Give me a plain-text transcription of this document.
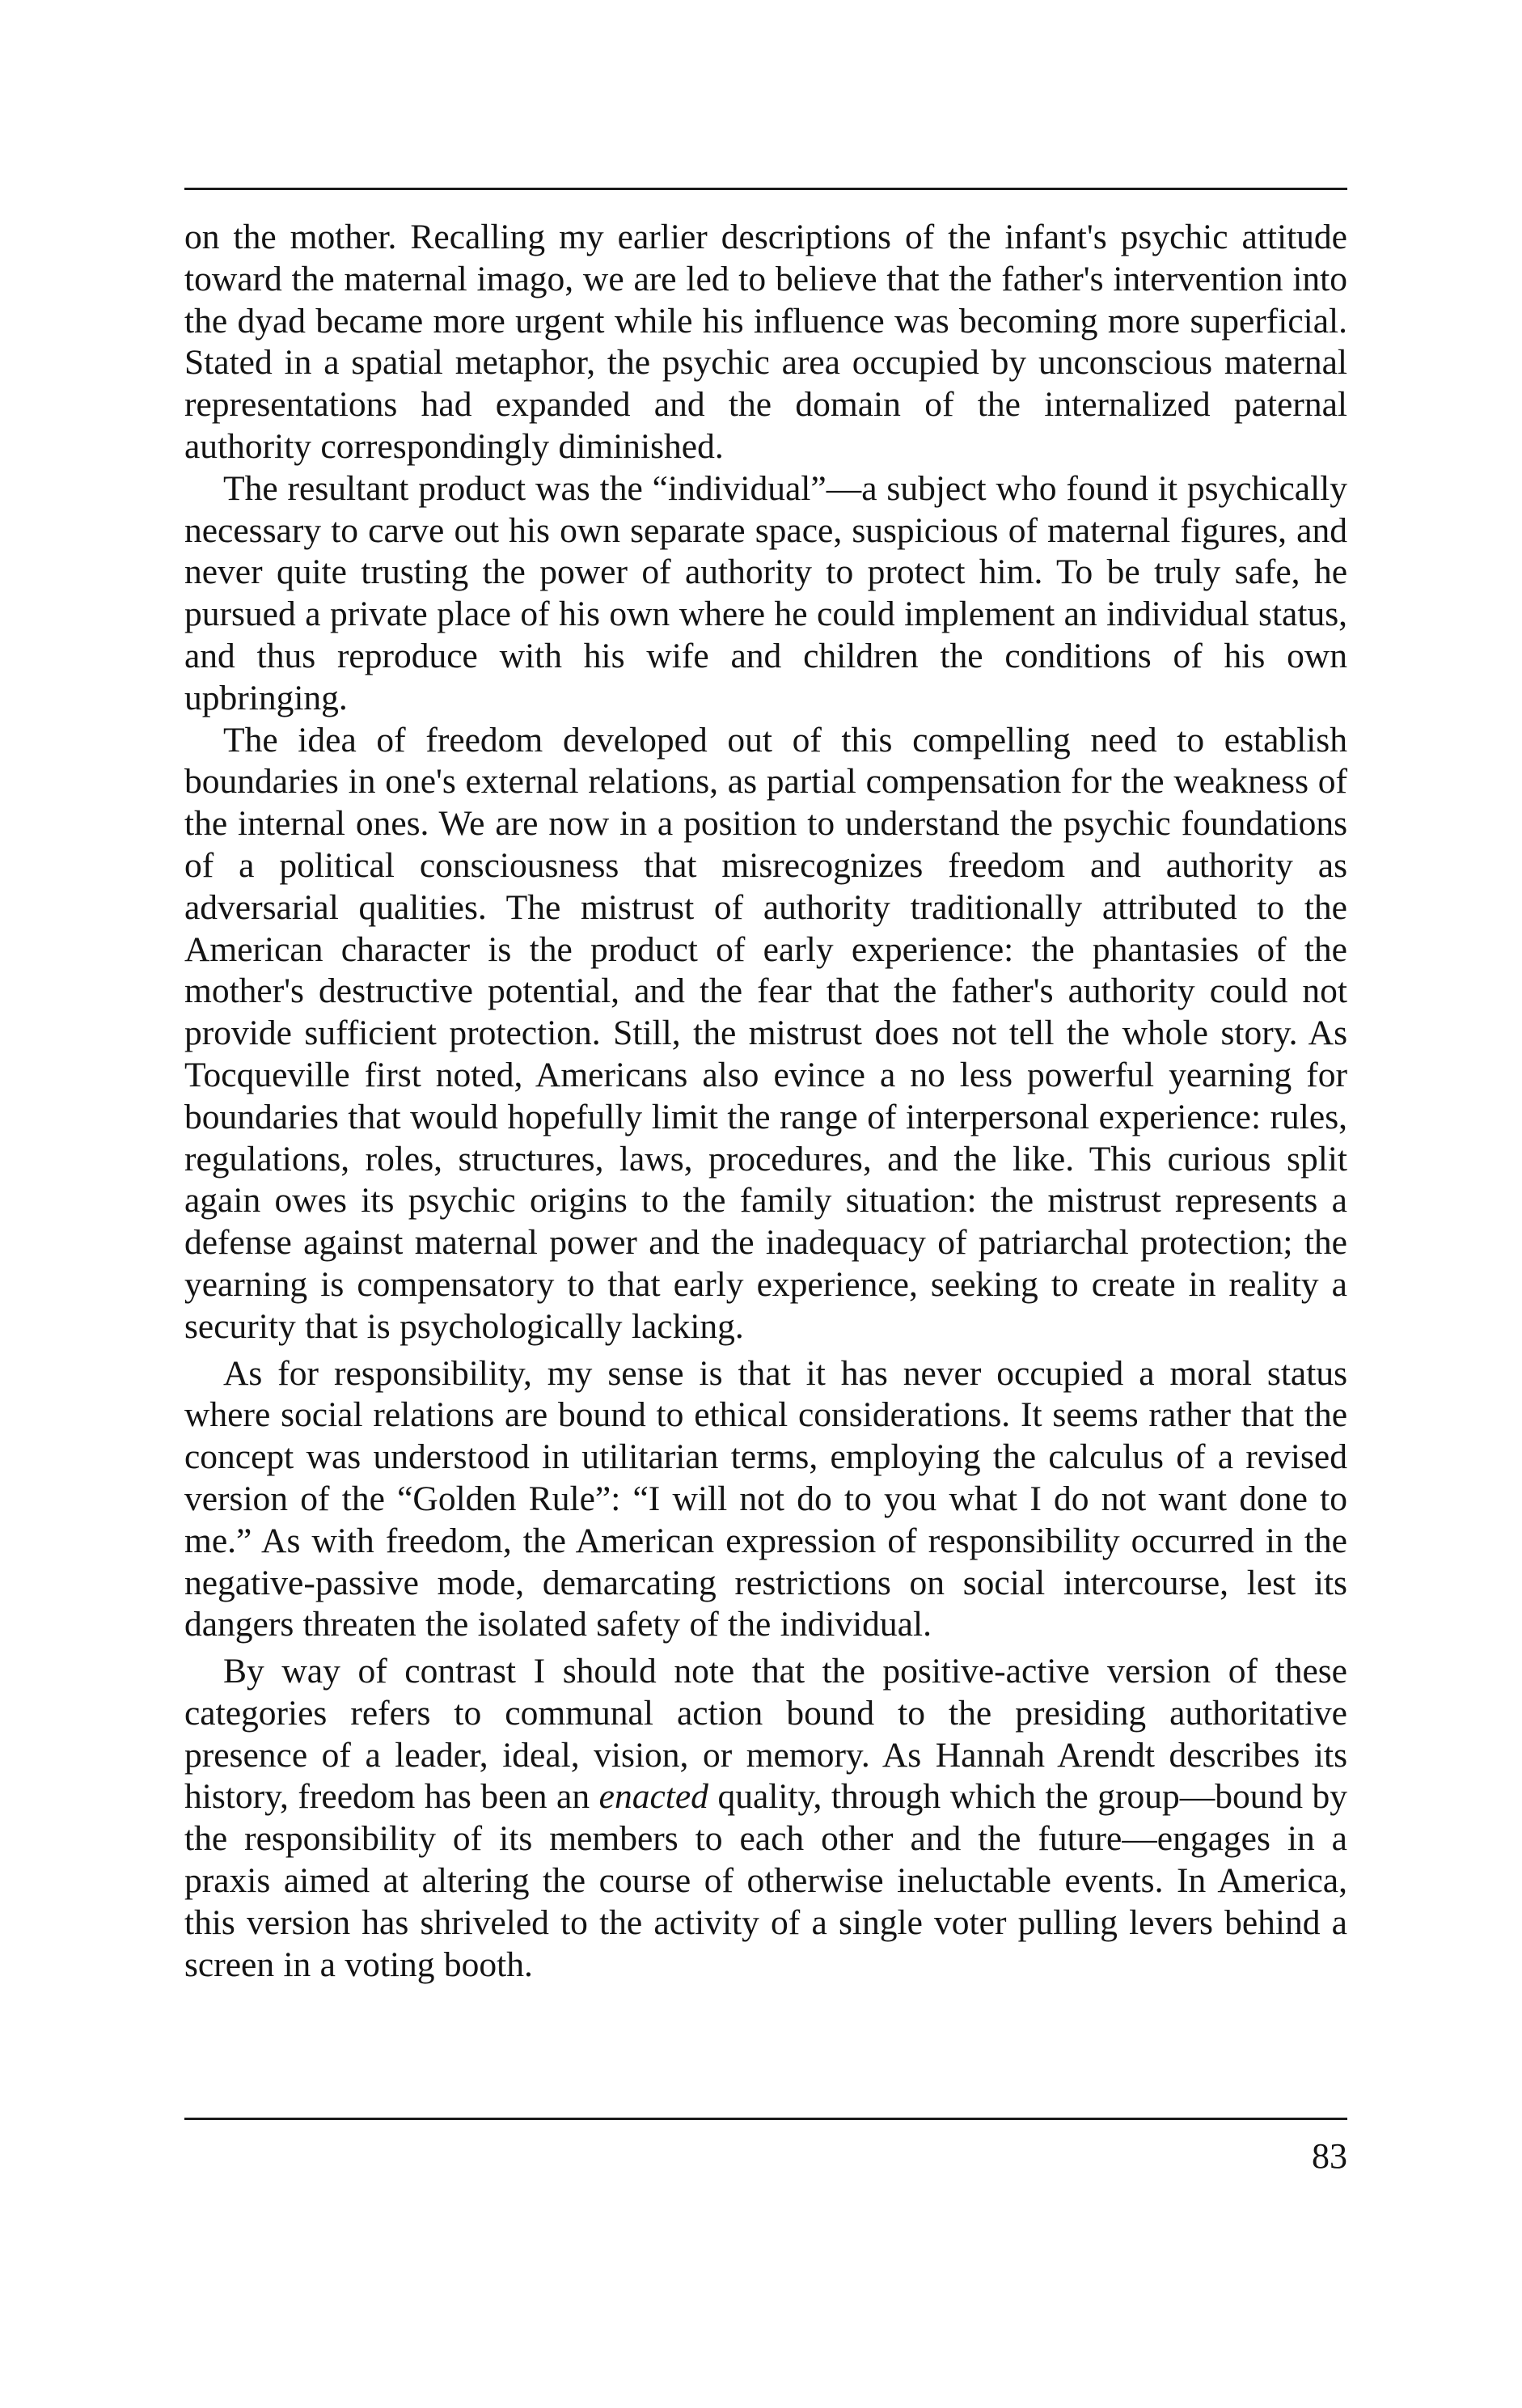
on the mother. Recalling my earlier descriptions of the infant's psychic attitude toward the maternal imago, we are led to believe that the father's intervention into the dyad became more urgent while his influence was becoming more superficial. Stated in a spatial metaphor, the psychic area occupied by unconscious maternal representations had expanded and the domain of the internalized paternal authority correspondingly diminished.

The resultant product was the “individual”—a subject who found it psychically necessary to carve out his own separate space, suspicious of maternal figures, and never quite trusting the power of authority to protect him. To be truly safe, he pursued a private place of his own where he could implement an individual status, and thus reproduce with his wife and children the conditions of his own upbringing.

The idea of freedom developed out of this compelling need to establish boundaries in one's external relations, as partial compensation for the weakness of the internal ones. We are now in a position to understand the psychic foundations of a political consciousness that misrecognizes freedom and authority as adversarial qualities. The mistrust of authority traditionally attributed to the American character is the product of early experience: the phantasies of the mother's destructive potential, and the fear that the father's authority could not provide sufficient protection. Still, the mistrust does not tell the whole story. As Tocqueville first noted, Americans also evince a no less powerful yearning for boundaries that would hopefully limit the range of interpersonal experience: rules, regulations, roles, structures, laws, procedures, and the like. This curious split again owes its psychic origins to the family situation: the mistrust represents a defense against maternal power and the inadequacy of patriarchal protection; the yearning is compensatory to that early experience, seeking to create in reality a security that is psychologically lacking.

As for responsibility, my sense is that it has never occupied a moral status where social relations are bound to ethical considerations. It seems rather that the concept was understood in utilitarian terms, employing the calculus of a revised version of the “Golden Rule”: “I will not do to you what I do not want done to me.” As with freedom, the American expression of responsibility occurred in the negative-passive mode, demarcating restrictions on social intercourse, lest its dangers threaten the isolated safety of the individual.

By way of contrast I should note that the positive-active version of these categories refers to communal action bound to the presiding authoritative presence of a leader, ideal, vision, or memory. As Hannah Arendt describes its history, freedom has been an enacted quality, through which the group—bound by the responsibility of its members to each other and the future—engages in a praxis aimed at altering the course of otherwise ineluctable events. In America, this version has shriveled to the activity of a single voter pulling levers behind a screen in a voting booth.

83
